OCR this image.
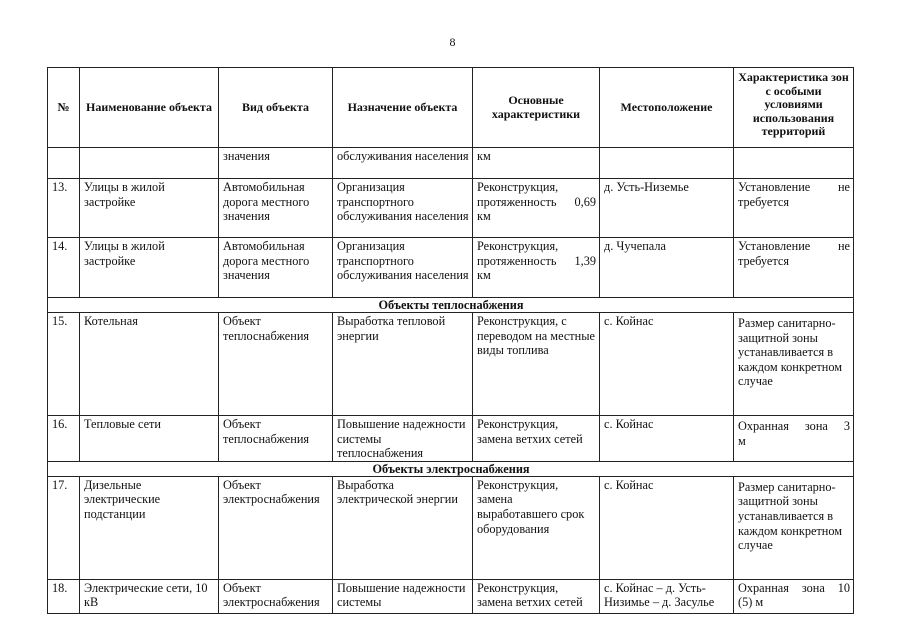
8
№	Наименование объекта	Вид объекта	Назначение объекта	Основные характеристики	Местоположение	Характеристика зон с особыми условиями использования территорий
		значения	обслуживания населения	км		
13.	Улицы в жилой застройке	Автомобильная дорога местного значения	Организация транспортного обслуживания населения	Реконструкция,
протяженность 0,69
км	д. Усть-Низемье	Установление не
требуется

14.	Улицы в жилой застройке	Автомобильная дорога местного значения	Организация транспортного обслуживания населения	Реконструкция,
протяженность 1,39
км	д. Чучепала	Установление не
требуется

Объекты теплоснабжения						
15.	Котельная	Объект теплоснабжения	Выработка тепловой энергии	Реконструкция, с переводом на местные виды топлива	с. Койнас	Размер санитарно-защитной зоны устанавливается в каждом конкретном случае
16.	Тепловые сети	Объект теплоснабжения	Повышение надежности системы теплоснабжения	Реконструкция, замена ветхих сетей	с. Койнас	Охранная зона 3
м

Объекты электроснабжения						
17.	Дизельные электрические подстанции	Объект электроснабжения	Выработка электрической энергии	Реконструкция, замена выработавшего срок оборудования	с. Койнас	Размер санитарно-защитной зоны устанавливается в каждом конкретном случае
18.	Электрические сети, 10 кВ	Объект электроснабжения	Повышение надежности системы	Реконструкция, замена ветхих сетей	с. Койнас – д. Усть-Низимье – д. Засулье	Охранная зона 10
(5) м
